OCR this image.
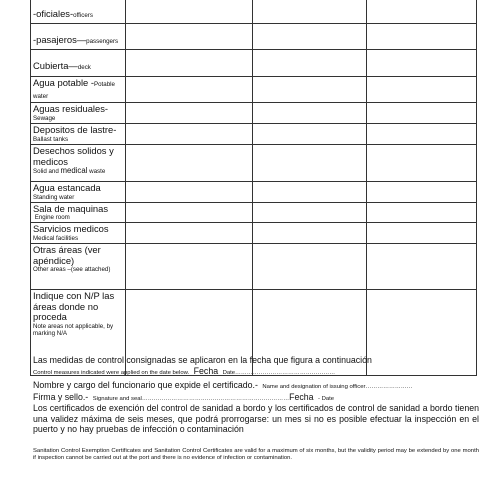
-oficiales-officers			

-pasajeros—passengers			

Cubierta—deck			

Agua potable -Potable water			

Aguas residuales-
Sewage			

Depositos de lastre-
Ballast tanks			

Desechos solidos y medicos
Solid and medical waste			

Agua estancada
Standing water			

Sala de maquinas
Engine room			

Sarvicios medicos
Medical facilities			

Otras áreas (ver apéndice)
Other areas –(see attached)			

Indique con N/P las áreas donde no proceda
Note areas not applicable, by marking N/A			

Las medidas de control consignadas se aplicaron en la fecha que figura a continuación
Control measures indicated were applied on the date below. Fecha Date……………………………………………
Nombre y cargo del funcionario que expide el certificado.- Name and designation of issuing officer……………………
Firma y sello.- Signature and seal…………………………………………………………………Fecha - Date
Los certificados de exención del control de sanidad a bordo y los certificados de control de sanidad a bordo tienen una validez máxima de seis meses, que podrá prorrogarse: un mes si no es posible efectuar la inspección en el puerto y no hay pruebas de infección o contaminación
Sanitation Control Exemption Certificates and Sanitation Control Certificates are valid for a maximum of six months, but the validity period may be extended by one month if inspection cannot be carried out at the port and there is no evidence of infection or contamination.
